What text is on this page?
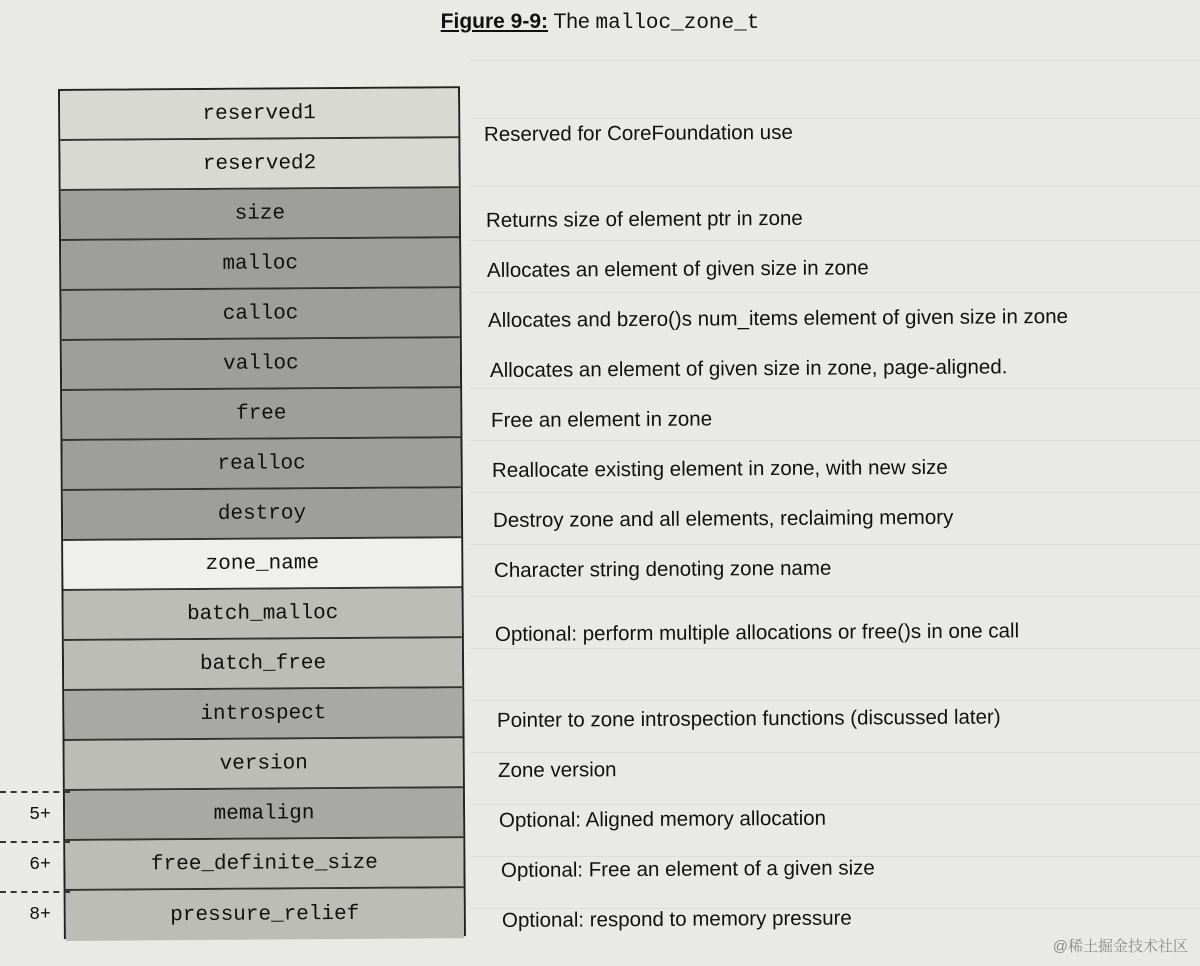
Figure 9-9: The malloc_zone_t
reserved1
reserved2
size
malloc
calloc
valloc
free
realloc
destroy
zone_name
batch_malloc
batch_free
introspect
version
memalign
free_definite_size
pressure_relief
Reserved for CoreFoundation use
Returns size of element ptr in zone
Allocates an element of given size in zone
Allocates and bzero()s num_items element of given size in zone
Allocates an element of given size in zone, page-aligned.
Free an element in zone
Reallocate existing element in zone, with new size
Destroy zone and all elements, reclaiming memory
Character string denoting zone name
Optional: perform multiple allocations or free()s in one call
Pointer to zone introspection functions (discussed later)
Zone version
Optional: Aligned memory allocation
Optional: Free an element of a given size
Optional: respond to memory pressure
5+
6+
8+
@稀土掘金技术社区
